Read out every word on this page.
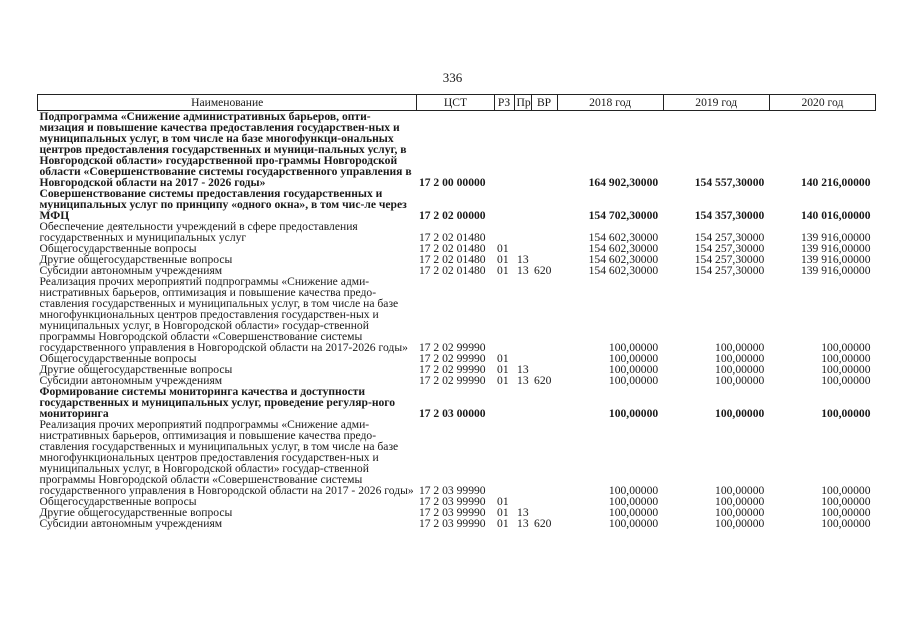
336
Наименование	ЦСТ	РЗ	Пр	ВР	2018 год	2019 год	2020 год
Подпрограмма «Снижение административных барьеров, опти-мизация и повышение качества предоставления государствен-ных и муниципальных услуг, в том числе на базе многофункци-ональных центров предоставления государственных и муници-пальных услуг, в Новгородской области» государственной про-граммы Новгородской области «Совершенствование системы государственного управления в Новгородской области на 2017 - 2026 годы»	17 2 00 00000				164 902,30000	154 557,30000	140 216,00000
Совершенствование системы предоставления государственных и муниципальных услуг по принципу «одного окна», в том чис-ле через МФЦ	17 2 02 00000				154 702,30000	154 357,30000	140 016,00000
Обеспечение деятельности учреждений в сфере предоставления государственных и муниципальных услуг	17 2 02 01480				154 602,30000	154 257,30000	139 916,00000
Общегосударственные вопросы	17 2 02 01480	01			154 602,30000	154 257,30000	139 916,00000
Другие общегосударственные вопросы	17 2 02 01480	01	13		154 602,30000	154 257,30000	139 916,00000
Субсидии автономным учреждениям	17 2 02 01480	01	13	620	154 602,30000	154 257,30000	139 916,00000
Реализация прочих мероприятий подпрограммы «Снижение адми-нистративных барьеров, оптимизация и повышение качества предо-ставления государственных и муниципальных услуг, в том числе на базе многофункциональных центров предоставления государствен-ных и муниципальных услуг, в Новгородской области» государ-ственной программы Новгородской области «Совершенствование системы государственного управления в Новгородской области на 2017-2026 годы»	17 2 02 99990				100,00000	100,00000	100,00000
Общегосударственные вопросы	17 2 02 99990	01			100,00000	100,00000	100,00000
Другие общегосударственные вопросы	17 2 02 99990	01	13		100,00000	100,00000	100,00000
Субсидии автономным учреждениям	17 2 02 99990	01	13	620	100,00000	100,00000	100,00000
Формирование системы мониторинга качества и доступности государственных и муниципальных услуг, проведение регуляр-ного мониторинга	17 2 03 00000				100,00000	100,00000	100,00000
Реализация прочих мероприятий подпрограммы «Снижение адми-нистративных барьеров, оптимизация и повышение качества предо-ставления государственных и муниципальных услуг, в том числе на базе многофункциональных центров предоставления государствен-ных и муниципальных услуг, в Новгородской области» государ-ственной программы Новгородской области «Совершенствование системы государственного управления в Новгородской области на 2017 - 2026 годы»	17 2 03 99990				100,00000	100,00000	100,00000
Общегосударственные вопросы	17 2 03 99990	01			100,00000	100,00000	100,00000
Другие общегосударственные вопросы	17 2 03 99990	01	13		100,00000	100,00000	100,00000
Субсидии автономным учреждениям	17 2 03 99990	01	13	620	100,00000	100,00000	100,00000
